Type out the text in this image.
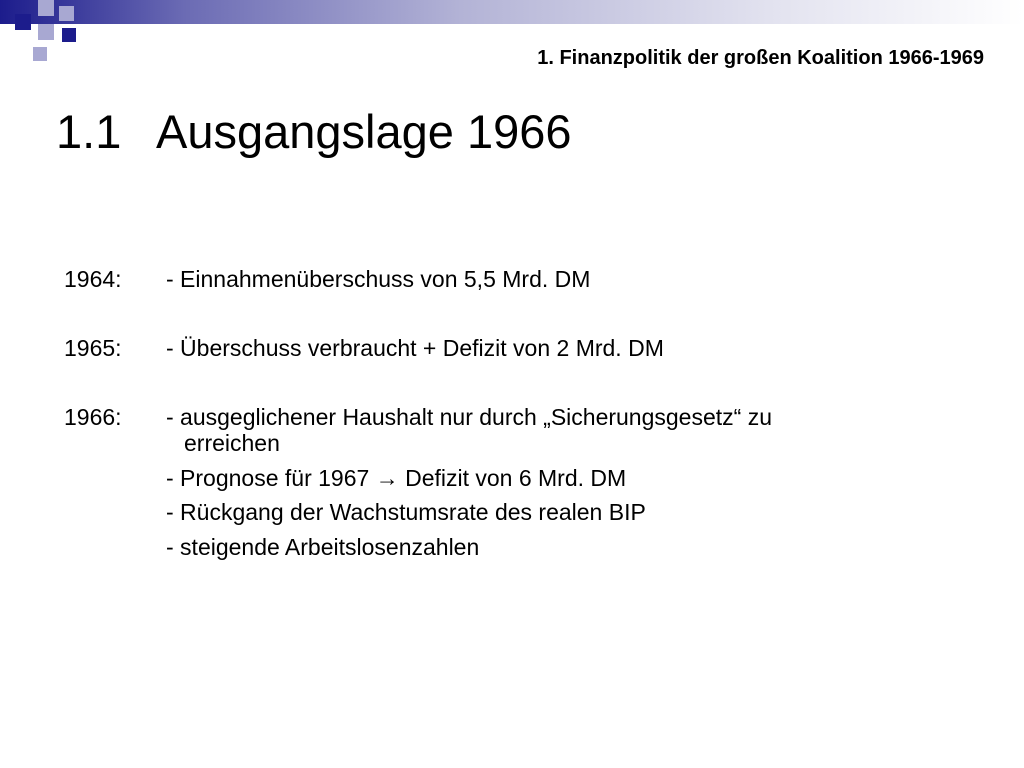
1. Finanzpolitik der großen Koalition 1966-1969
1.1 Ausgangslage 1966
1964: - Einnahmenüberschuss von 5,5 Mrd. DM
1965: - Überschuss verbraucht + Defizit von 2 Mrd. DM
1966: - ausgeglichener Haushalt nur durch „Sicherungsgesetz“ zu
erreichen
- Prognose für 1967 → Defizit von 6 Mrd. DM
- Rückgang der Wachstumsrate des realen BIP
- steigende Arbeitslosenzahlen
